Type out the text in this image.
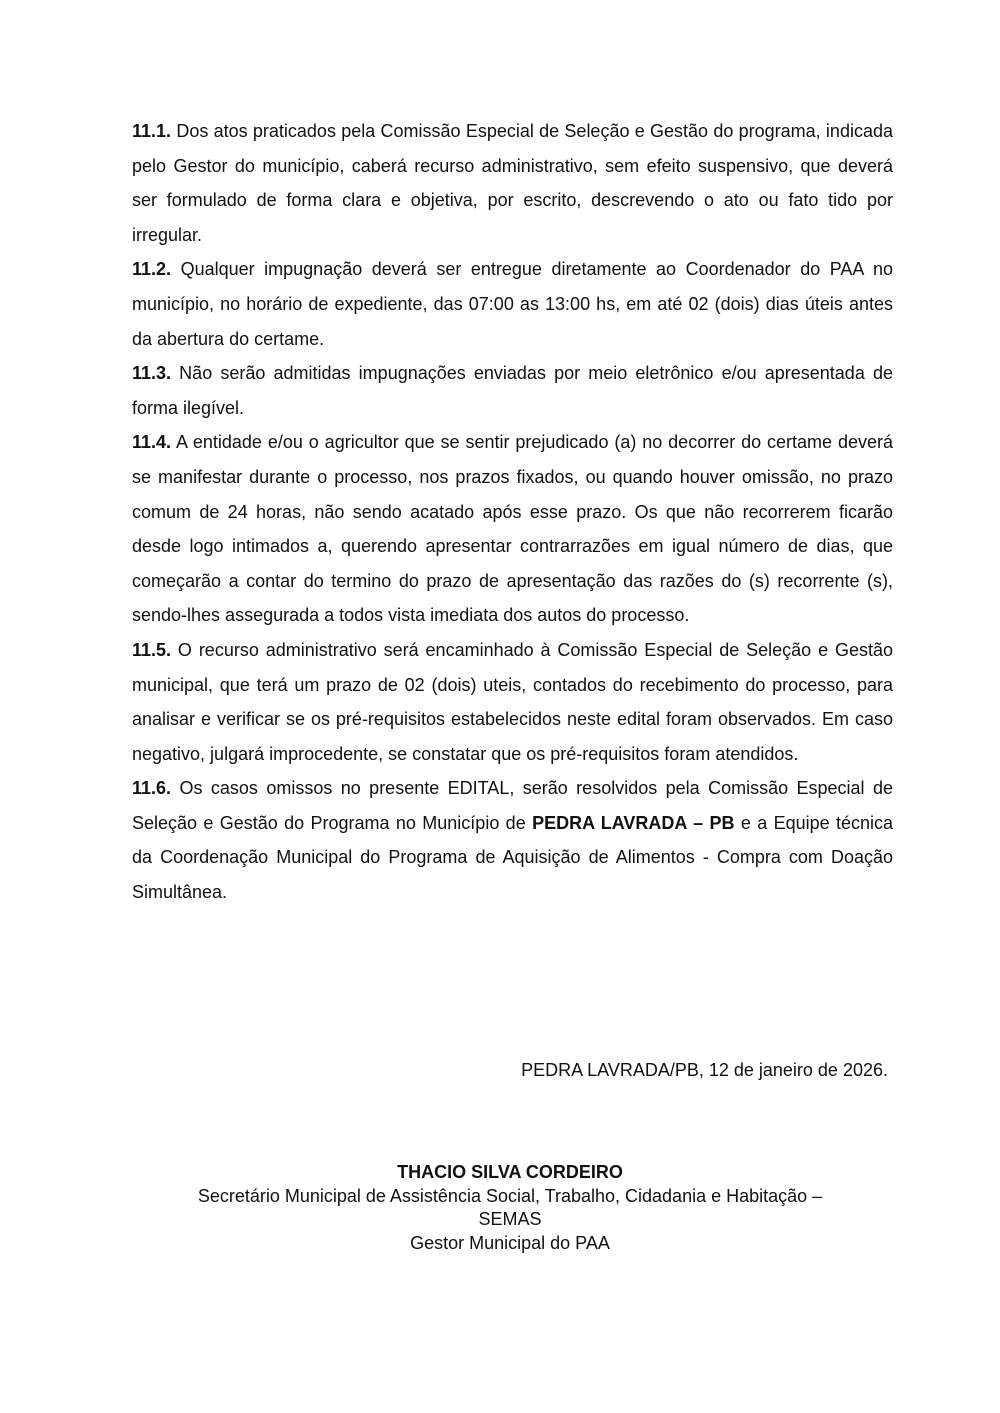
11.1. Dos atos praticados pela Comissão Especial de Seleção e Gestão do programa, indicada pelo Gestor do município, caberá recurso administrativo, sem efeito suspensivo, que deverá ser formulado de forma clara e objetiva, por escrito, descrevendo o ato ou fato tido por irregular.

11.2. Qualquer impugnação deverá ser entregue diretamente ao Coordenador do PAA no município, no horário de expediente, das 07:00 as 13:00 hs, em até 02 (dois) dias úteis antes da abertura do certame.

11.3. Não serão admitidas impugnações enviadas por meio eletrônico e/ou apresentada de forma ilegível.

11.4. A entidade e/ou o agricultor que se sentir prejudicado (a) no decorrer do certame deverá se manifestar durante o processo, nos prazos fixados, ou quando houver omissão, no prazo comum de 24 horas, não sendo acatado após esse prazo. Os que não recorrerem ficarão desde logo intimados a, querendo apresentar contrarrazões em igual número de dias, que começarão a contar do termino do prazo de apresentação das razões do (s) recorrente (s), sendo-lhes assegurada a todos vista imediata dos autos do processo.

11.5. O recurso administrativo será encaminhado à Comissão Especial de Seleção e Gestão municipal, que terá um prazo de 02 (dois) uteis, contados do recebimento do processo, para analisar e verificar se os pré-requisitos estabelecidos neste edital foram observados. Em caso negativo, julgará improcedente, se constatar que os pré-requisitos foram atendidos.

11.6. Os casos omissos no presente EDITAL, serão resolvidos pela Comissão Especial de Seleção e Gestão do Programa no Município de PEDRA LAVRADA – PB e a Equipe técnica da Coordenação Municipal do Programa de Aquisição de Alimentos - Compra com Doação Simultânea.

PEDRA LAVRADA/PB, 12 de janeiro de 2026.
THACIO SILVA CORDEIRO
Secretário Municipal de Assistência Social, Trabalho, Cidadania e Habitação –
SEMAS
Gestor Municipal do PAA
